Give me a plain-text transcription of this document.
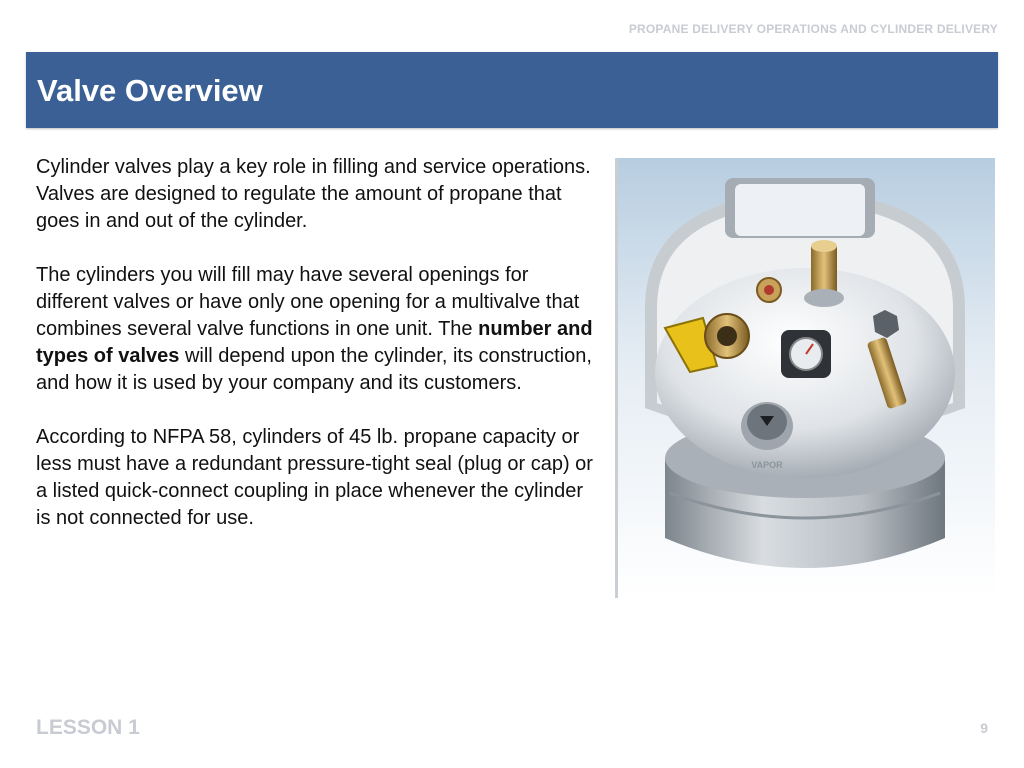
PROPANE DELIVERY OPERATIONS AND CYLINDER DELIVERY
Valve Overview

Cylinder valves play a key role in filling and service operations. Valves are designed to regulate the amount of propane that goes in and out of the cylinder.

The cylinders you will fill may have several openings for different valves or have only one opening for a multivalve that combines several valve functions in one unit. The number and types of valves will depend upon the cylinder, its construction, and how it is used by your company and its customers.

According to NFPA 58, cylinders of 45 lb. propane capacity or less must have a redundant pressure-tight seal (plug or cap) or a listed quick-connect coupling in place whenever the cylinder is not connected for use.

VAPOR
LESSON 1	9
